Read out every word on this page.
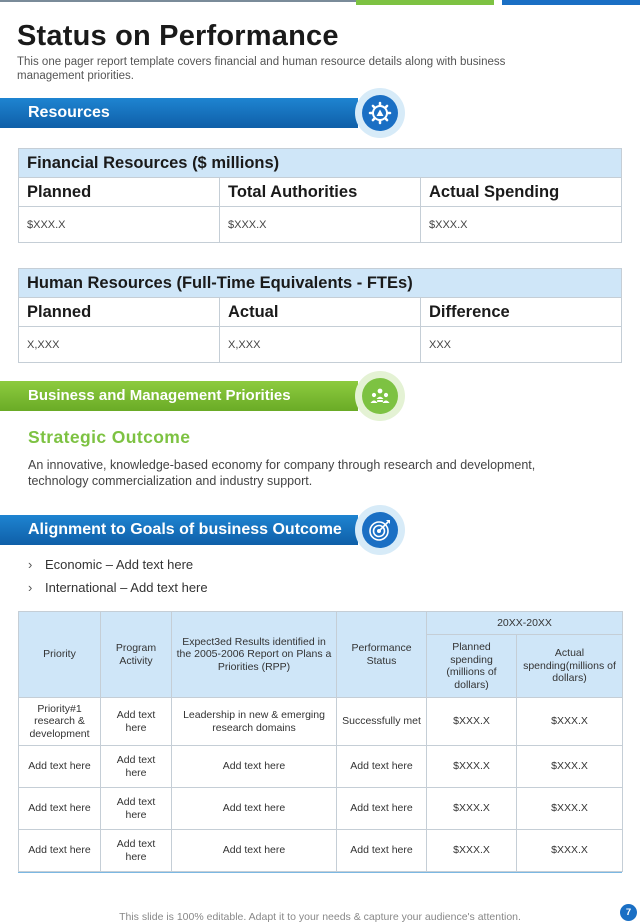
Status on Performance
This one pager report template covers financial and human resource details along with business management priorities.
Resources
Financial Resources ($ millions)		
Planned	Total Authorities	Actual Spending
$XXX.X	$XXX.X	$XXX.X
Human Resources (Full-Time Equivalents - FTEs)		
Planned	Actual	Difference
X,XXX	X,XXX	XXX
Business and Management Priorities
Strategic Outcome
An innovative, knowledge-based economy for company through research and development, technology commercialization and industry support.
Alignment to Goals of business Outcome
› Economic – Add text here
› International – Add text here
Priority	Program Activity	Expect3ed Results identified in the 2005-2006 Report on Plans a Priorities (RPP)	Performance Status	20XX-20XX	
				Planned spending (millions of dollars)	Actual spending(millions of dollars)
Priority#1 research & development	Add text here	Leadership in new & emerging research domains	Successfully met	$XXX.X	$XXX.X
Add text here	Add text here	Add text here	Add text here	$XXX.X	$XXX.X
Add text here	Add text here	Add text here	Add text here	$XXX.X	$XXX.X
Add text here	Add text here	Add text here	Add text here	$XXX.X	$XXX.X
This slide is 100% editable. Adapt it to your needs & capture your audience's attention.	7
